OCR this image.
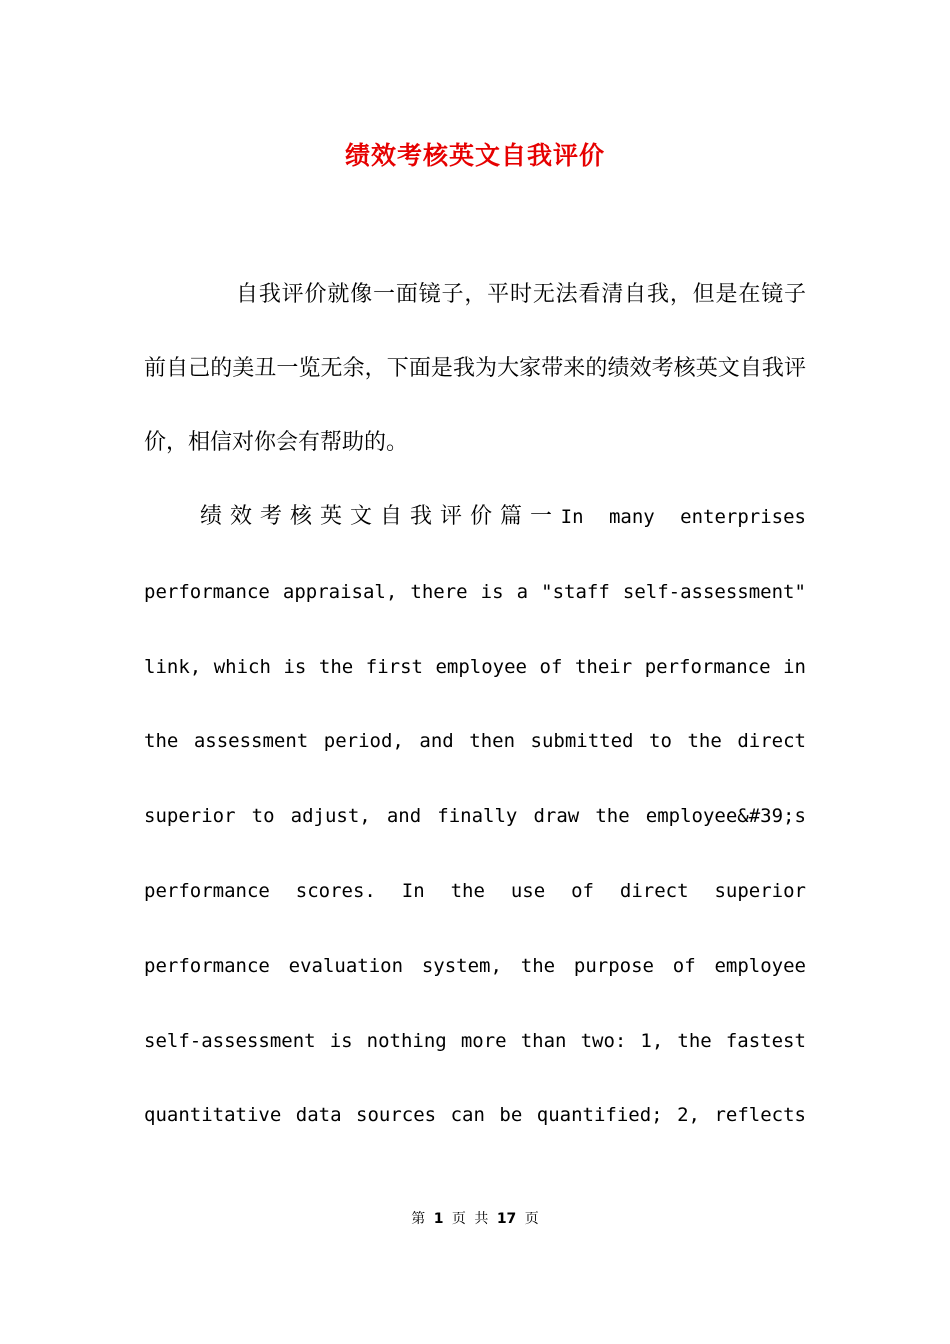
绩效考核英文自我评价
自我评价就像一面镜子，平时无法看清自我，但是在镜子前自己的美丑一览无余，下面是我为大家带来的绩效考核英文自我评价，相信对你会有帮助的。
绩效考核英文自我评价篇一 In many enterprises
performance appraisal, there is a "staff self-assessment"
link, which is the first employee of their performance in
the assessment period, and then submitted to the direct
superior to adjust, and finally draw the employee&#39;s
performance scores. In the use of direct superior
performance evaluation system, the purpose of employee
self-assessment is nothing more than two: 1, the fastest
quantitative data sources can be quantified; 2, reflects
第 1 页 共 17 页
